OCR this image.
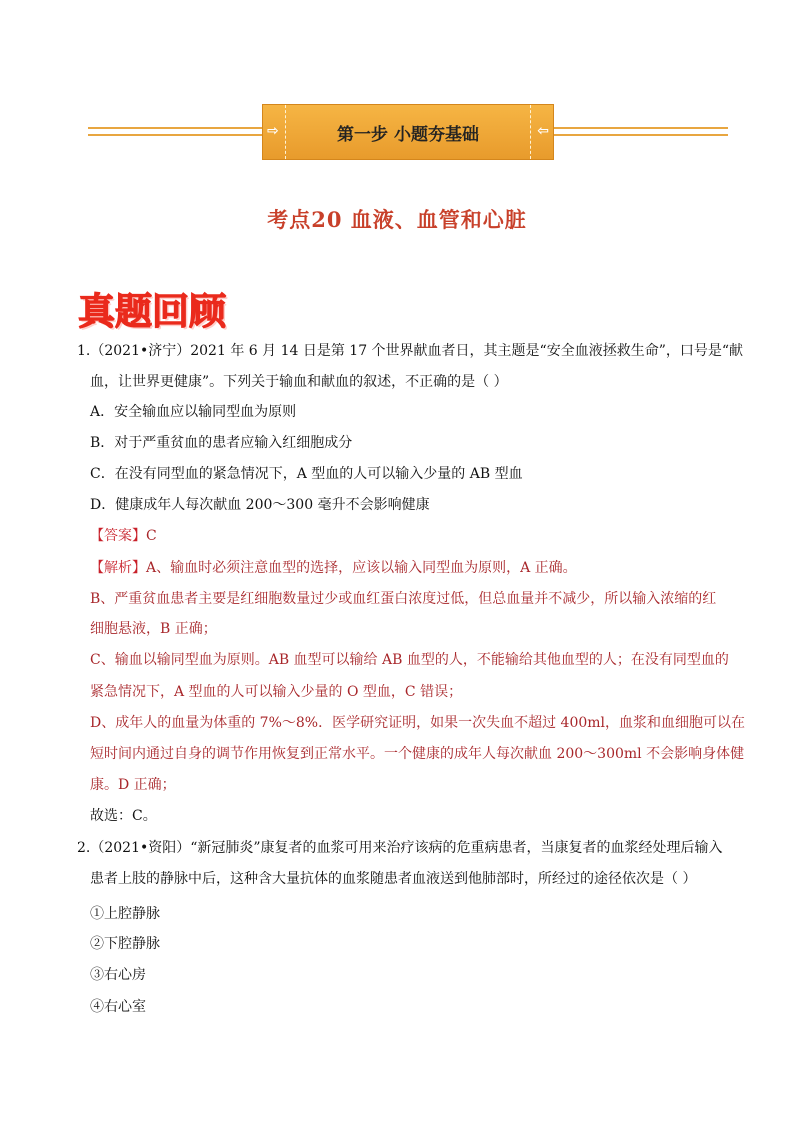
⇨	第一步 小题夯基础	⇦
考点20 血液、血管和心脏
真题回顾
1.（2021•济宁）2021 年 6 月 14 日是第 17 个世界献血者日，其主题是“安全血液拯救生命”，口号是“献
血，让世界更健康”。下列关于输血和献血的叙述，不正确的是（ ）
A．安全输血应以输同型血为原则
B．对于严重贫血的患者应输入红细胞成分
C．在没有同型血的紧急情况下，A 型血的人可以输入少量的 AB 型血
D．健康成年人每次献血 200～300 毫升不会影响健康
【答案】C
【解析】A、输血时必须注意血型的选择，应该以输入同型血为原则，A 正确。
B、严重贫血患者主要是红细胞数量过少或血红蛋白浓度过低，但总血量并不减少，所以输入浓缩的红
细胞悬液，B 正确；
C、输血以输同型血为原则。AB 血型可以输给 AB 血型的人，不能输给其他血型的人；在没有同型血的
紧急情况下，A 型血的人可以输入少量的 O 型血，C 错误；
D、成年人的血量为体重的 7%～8%．医学研究证明，如果一次失血不超过 400ml，血浆和血细胞可以在
短时间内通过自身的调节作用恢复到正常水平。一个健康的成年人每次献血 200～300ml 不会影响身体健
康。D 正确；
故选：C。
2.（2021•资阳）“新冠肺炎”康复者的血浆可用来治疗该病的危重病患者，当康复者的血浆经处理后输入
患者上肢的静脉中后，这种含大量抗体的血浆随患者血液送到他肺部时，所经过的途径依次是（ ）
①上腔静脉
②下腔静脉
③右心房
④右心室
